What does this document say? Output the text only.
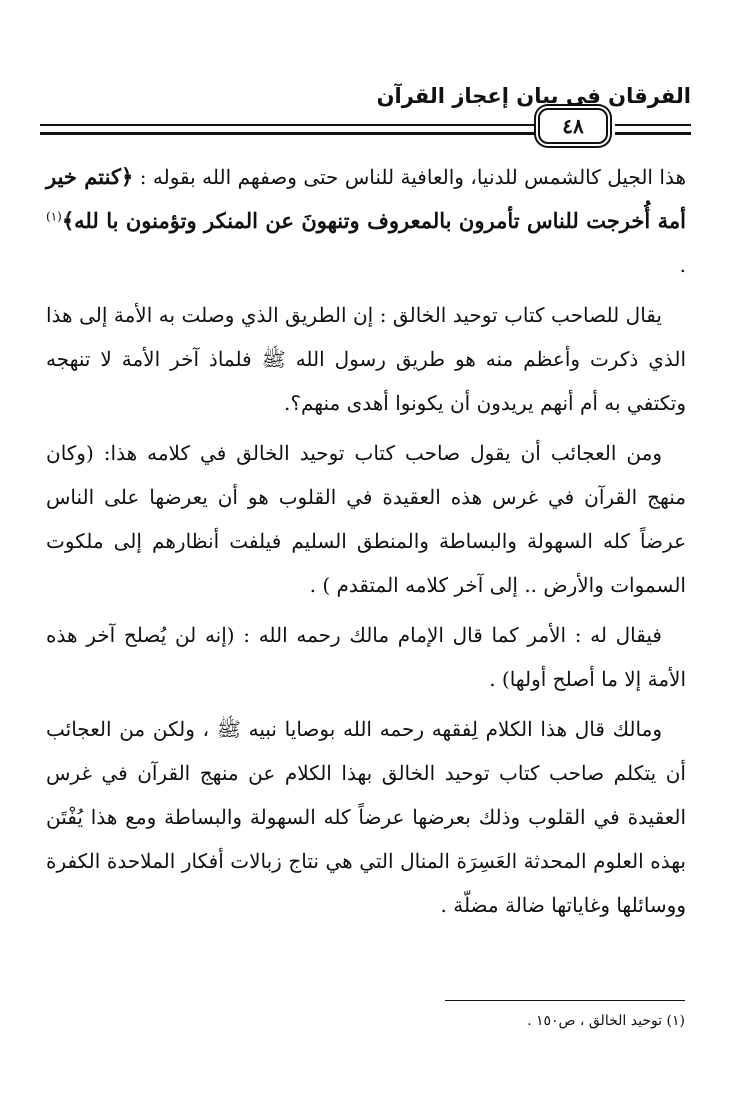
الفرقان في بيان إعجاز القرآن
٤٨

هذا الجيل كالشمس للدنيا، والعافية للناس حتى وصفهم الله بقوله : ﴿كنتم خير أمة أُخرجت للناس تأمرون بالمعروف وتنهونَ عن المنكر وتؤمنون با لله﴾$^{(١)}$ .

يقال للصاحب كتاب توحيد الخالق : إن الطريق الذي وصلت به الأمة إلى هذا الذي ذكرت وأعظم منه هو طريق رسول الله ﷺ فلماذ آخر الأمة لا تنهجه وتكتفي به أم أنهم يريدون أن يكونوا أهدى منهم؟.

ومن العجائب أن يقول صاحب كتاب توحيد الخالق في كلامه هذا: (وكان منهج القرآن في غرس هذه العقيدة في القلوب هو أن يعرضها على الناس عرضاً كله السهولة والبساطة والمنطق السليم فيلفت أنظارهم إلى ملكوت السموات والأرض .. إلى آخر كلامه المتقدم ) .

فيقال له : الأمر كما قال الإمام مالك رحمه الله : (إنه لن يُصلح آخر هذه الأمة إلا ما أصلح أولها) .

ومالك قال هذا الكلام لِفقهه رحمه الله بوصايا نبيه ﷺ ، ولكن من العجائب أن يتكلم صاحب كتاب توحيد الخالق بهذا الكلام عن منهج القرآن في غرس العقيدة في القلوب وذلك بعرضها عرضاً كله السهولة والبساطة ومع هذا يُفْتَن بهذه العلوم المحدثة العَسِرَة المنال التي هي نتاج زبالات أفكار الملاحدة الكفرة ووسائلها وغاياتها ضالة مضلّة .

(١) توحيد الخالق ، ص١٥٠ .
